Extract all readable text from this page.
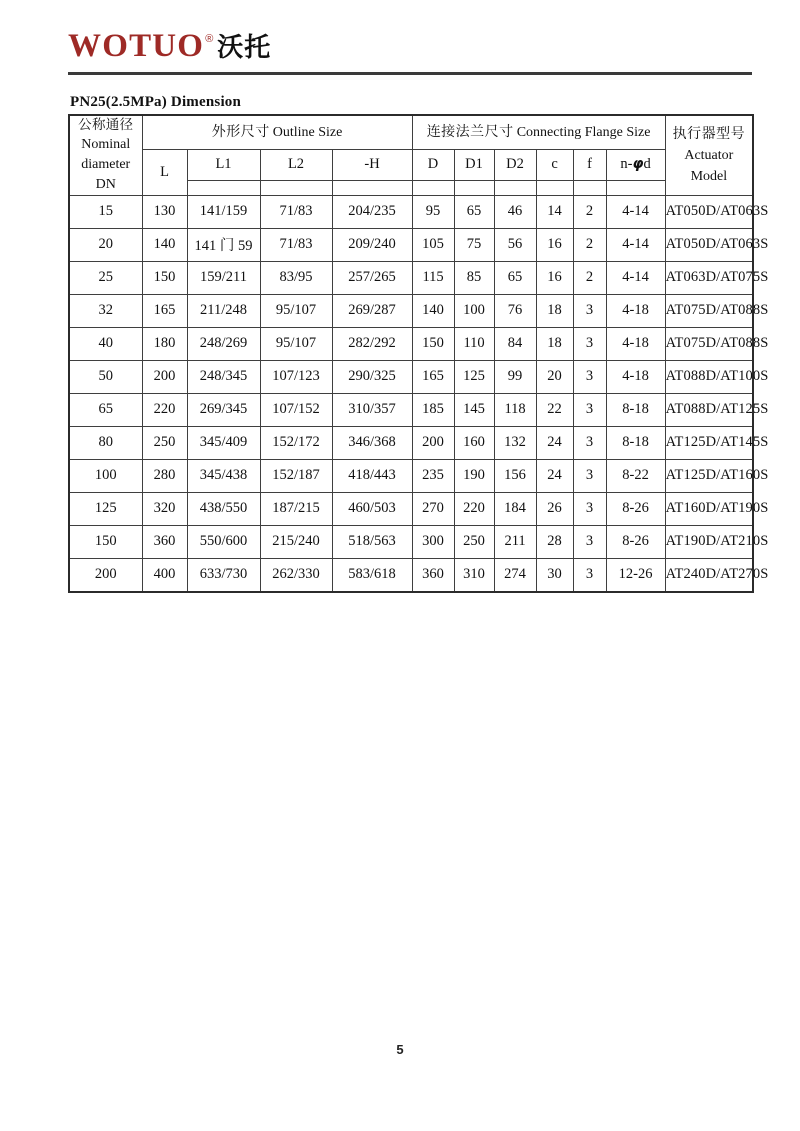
WOTUO ® 沃托
PN25(2.5MPa) Dimension
公称通径
Nominal
diameter
DN	外形尺寸 Outline Size				连接法兰尺寸 Connecting Flange Size						执行器型号
Actuator Model

	L	L1	L2	-H	D	D1	D2	c	f	n-φd	

15	130	141/159	71/83	204/235	95	65	46	14	2	4-14	AT050D/AT063S
20	140	141 门 59	71/83	209/240	105	75	56	16	2	4-14	AT050D/AT063S
25	150	159/211	83/95	257/265	115	85	65	16	2	4-14	AT063D/AT075S
32	165	211/248	95/107	269/287	140	100	76	18	3	4-18	AT075D/AT088S
40	180	248/269	95/107	282/292	150	110	84	18	3	4-18	AT075D/AT088S
50	200	248/345	107/123	290/325	165	125	99	20	3	4-18	AT088D/AT100S
65	220	269/345	107/152	310/357	185	145	118	22	3	8-18	AT088D/AT125S
80	250	345/409	152/172	346/368	200	160	132	24	3	8-18	AT125D/AT145S
100	280	345/438	152/187	418/443	235	190	156	24	3	8-22	AT125D/AT160S
125	320	438/550	187/215	460/503	270	220	184	26	3	8-26	AT160D/AT190S
150	360	550/600	215/240	518/563	300	250	211	28	3	8-26	AT190D/AT210S
200	400	633/730	262/330	583/618	360	310	274	30	3	12-26	AT240D/AT270S
5
